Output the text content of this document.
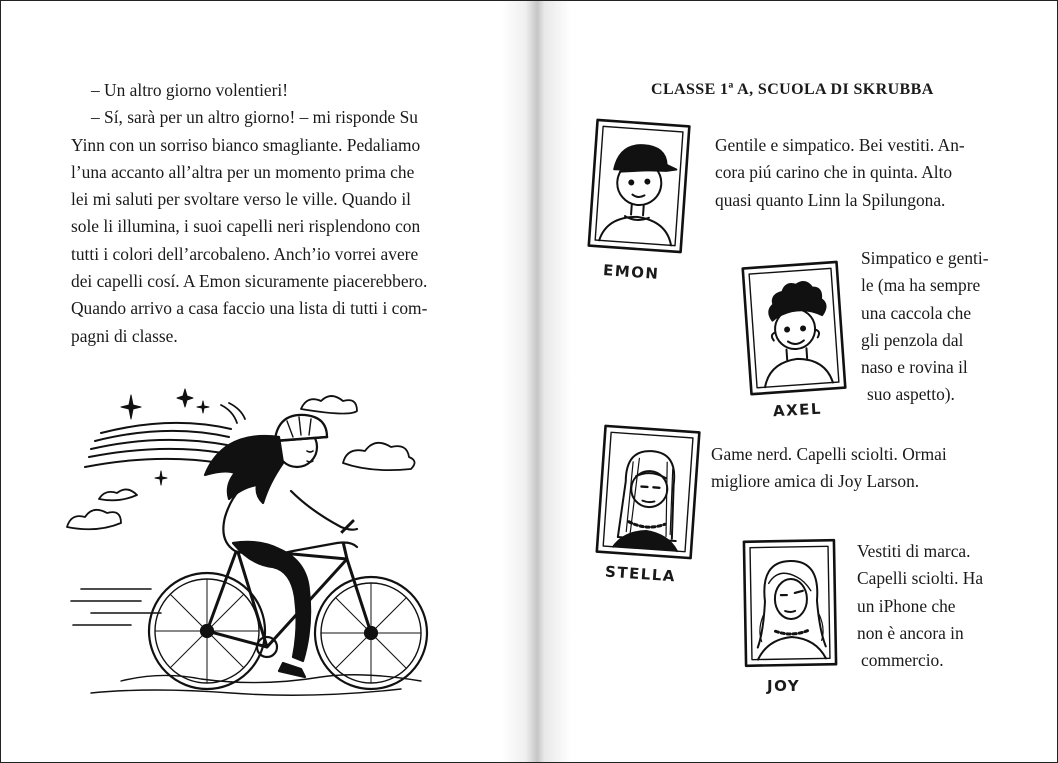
– Un altro giorno volentieri!

– Sí, sarà per un altro giorno! – mi risponde Su

Yinn con un sorriso bianco smagliante. Pedaliamo

l’una accanto all’altra per un momento prima che

lei mi saluti per svoltare verso le ville. Quando il

sole li illumina, i suoi capelli neri risplendono con

tutti i colori dell’arcobaleno. Anch’io vorrei avere

dei capelli cosí. A Emon sicuramente piacerebbero.

Quando arrivo a casa faccio una lista di tutti i com-

pagni di classe.

CLASSE 1ª A, SCUOLA DI SKRUBBA
EMON
Gentile e simpatico. Bei vestiti. An-
cora piú carino che in quinta. Alto
quasi quanto Linn la Spilungona.
AXEL
Simpatico e genti-
le (ma ha sempre
una caccola che
gli penzola dal
naso e rovina il
suo aspetto).
STELLA
Game nerd. Capelli sciolti. Ormai
migliore amica di Joy Larson.
JOY
Vestiti di marca.
Capelli sciolti. Ha
un iPhone che
non è ancora in
commercio.
